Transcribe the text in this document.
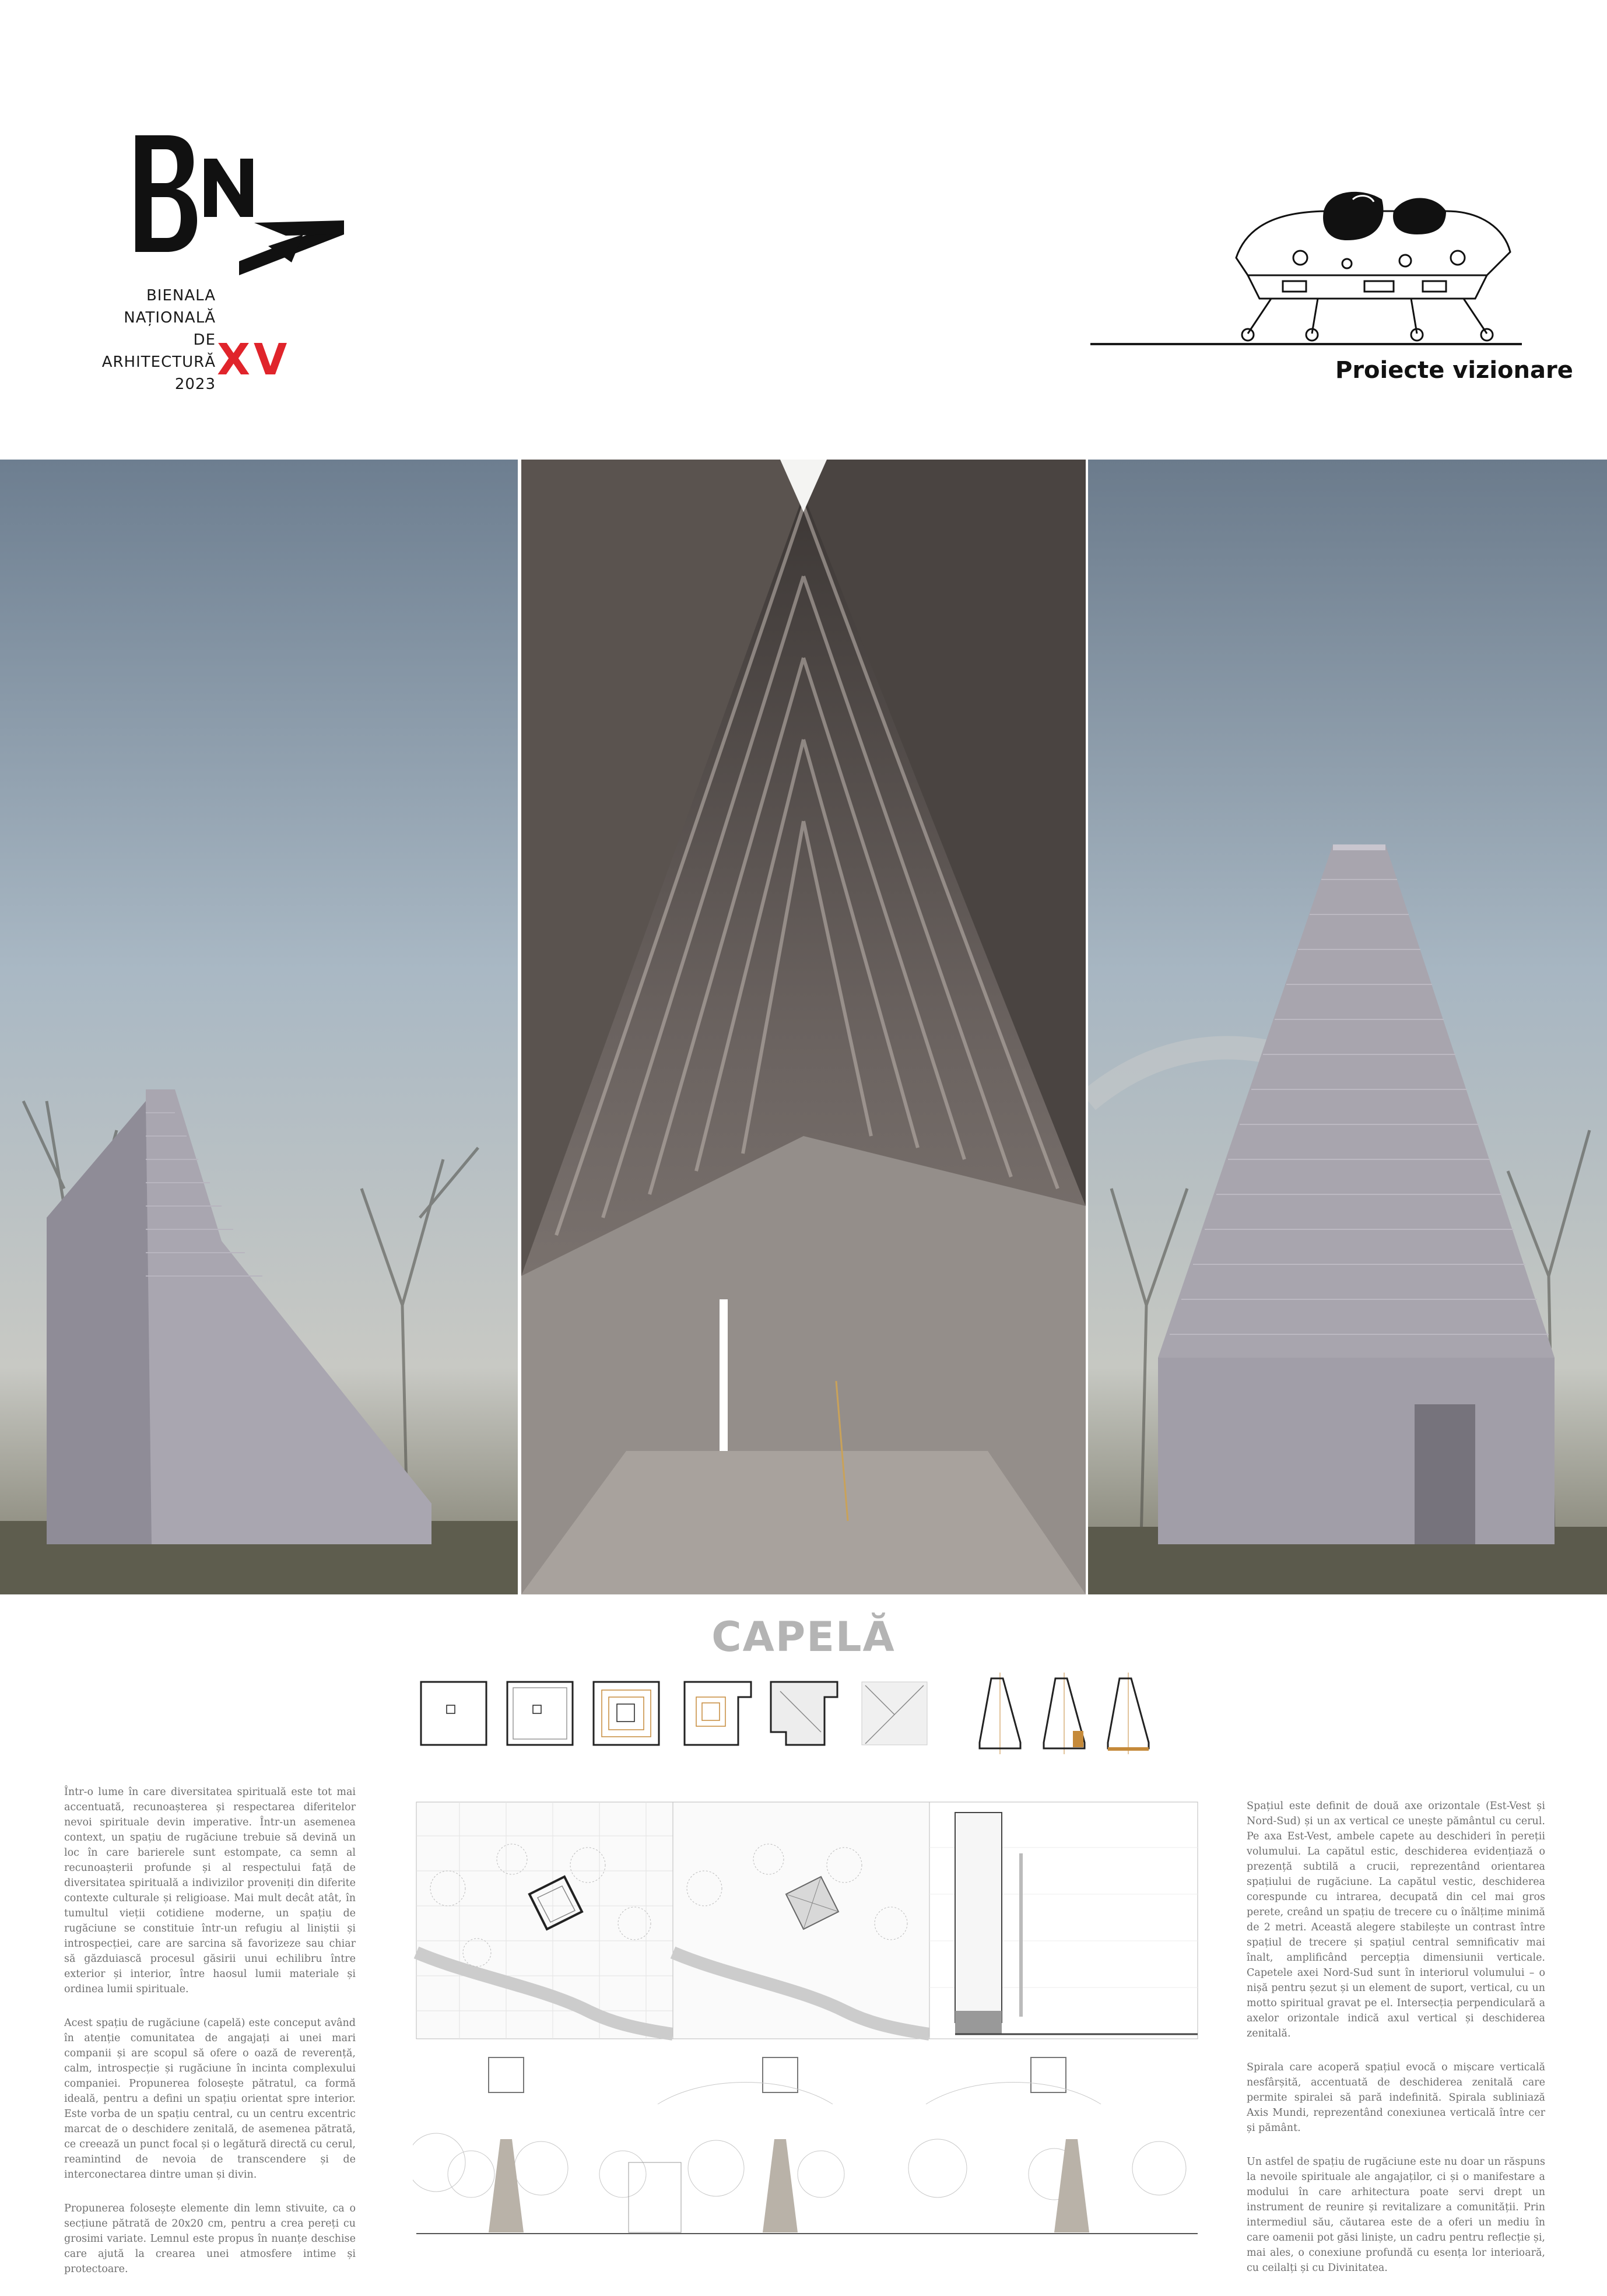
BIENALA
NAȚIONALĂ
DE
ARHITECTURĂ
2023 XV	Proiecte vizionare
CAPELĂ

Într-o lume în care diversitatea spirituală este tot mai accentuată, recunoașterea și respectarea diferitelor nevoi spirituale devin imperative. Într-un asemenea context, un spațiu de rugăciune trebuie să devină un loc în care barierele sunt estompate, ca semn al recunoașterii profunde și al respectului față de diversitatea spirituală a indivizilor proveniți din diferite contexte culturale și religioase. Mai mult decât atât, în tumultul vieții cotidiene moderne, un spațiu de rugăciune se constituie într-un refugiu al liniștii și introspecției, care are sarcina să favorizeze sau chiar să găzduiască procesul găsirii unui echilibru între exterior și interior, între haosul lumii materiale și ordinea lumii spirituale.

Acest spațiu de rugăciune (capelă) este conceput având în atenție comunitatea de angajați ai unei mari companii și are scopul să ofere o oază de reverență, calm, introspecție și rugăciune în incinta complexului companiei. Propunerea folosește pătratul, ca formă ideală, pentru a defini un spațiu orientat spre interior. Este vorba de un spațiu central, cu un centru excentric marcat de o deschidere zenitală, de asemenea pătrată, ce creează un punct focal și o legătură directă cu cerul, reamintind de nevoia de transcendere și de interconectarea dintre uman și divin.

Propunerea folosește elemente din lemn stivuite, ca o secțiune pătrată de 20x20 cm, pentru a crea pereți cu grosimi variate. Lemnul este propus în nuanțe deschise care ajută la crearea unei atmosfere intime și protectoare.

Spațiul este definit de două axe orizontale (Est-Vest și Nord-Sud) și un ax vertical ce unește pământul cu cerul. Pe axa Est-Vest, ambele capete au deschideri în pereții volumului. La capătul estic, deschiderea evidențiază o prezență subtilă a crucii, reprezentând orientarea spațiului de rugăciune. La capătul vestic, deschiderea corespunde cu intrarea, decupată din cel mai gros perete, creând un spațiu de trecere cu o înălțime minimă de 2 metri. Această alegere stabilește un contrast între spațiul de trecere și spațiul central semnificativ mai înalt, amplificând percepția dimensiunii verticale. Capetele axei Nord-Sud sunt în interiorul volumului – o nișă pentru șezut și un element de suport, vertical, cu un motto spiritual gravat pe el. Intersecția perpendiculară a axelor orizontale indică axul vertical și deschiderea zenitală.

Spirala care acoperă spațiul evocă o mișcare verticală nesfârșită, accentuată de deschiderea zenitală care permite spiralei să pară indefinită. Spirala subliniază Axis Mundi, reprezentând conexiunea verticală între cer și pământ.

Un astfel de spațiu de rugăciune este nu doar un răspuns la nevoile spirituale ale angajaților, ci și o manifestare a modului în care arhitectura poate servi drept un instrument de reunire și revitalizare a comunității. Prin intermediul său, căutarea este de a oferi un mediu în care oamenii pot găsi liniște, un cadru pentru reflecție și, mai ales, o conexiune profundă cu esența lor interioară, cu ceilalți și cu Divinitatea.
